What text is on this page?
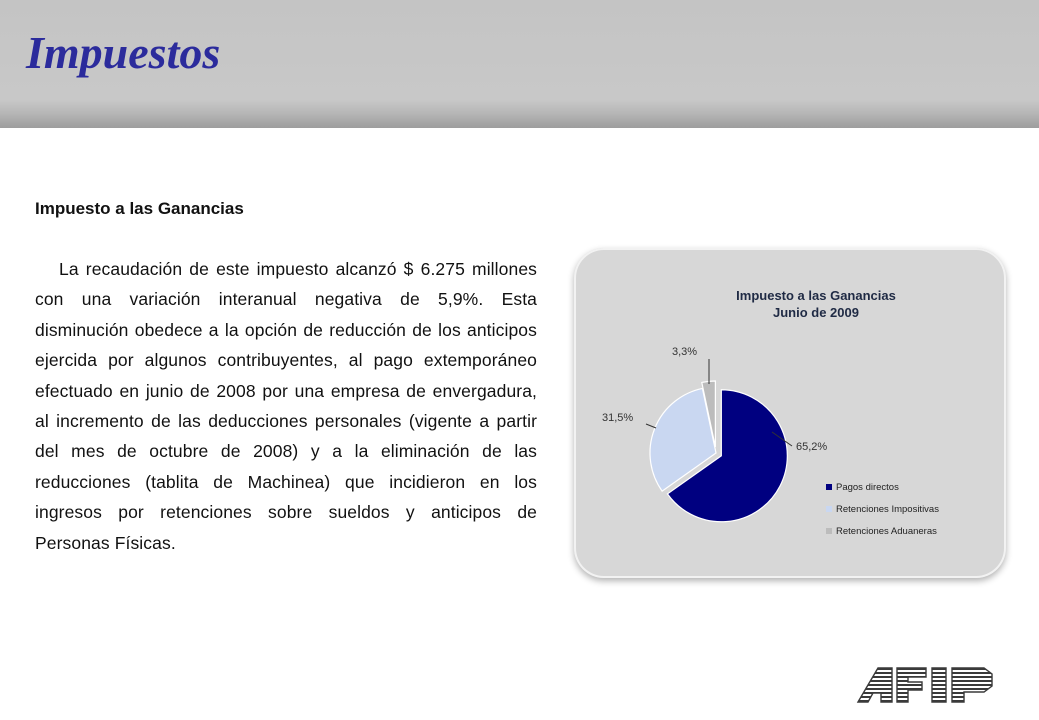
Impuestos
Impuesto a las Ganancias

La recaudación de este impuesto alcanzó $ 6.275 millones con una variación interanual negativa de 5,9%. Esta disminución obedece a la opción de reducción de los anticipos ejercida por algunos contribuyentes, al pago extemporáneo efectuado en junio de 2008 por una empresa de envergadura, al incremento de las deducciones personales (vigente a partir del mes de octubre de 2008) y a la eliminación de las reducciones (tablita de Machinea) que incidieron en los ingresos por retenciones sobre sueldos y anticipos de Personas Físicas.

Impuesto a las Ganancias
Junio de 2009
65,2%
31,5%
3,3%
Pagos directos
Retenciones Impositivas
Retenciones Aduaneras
